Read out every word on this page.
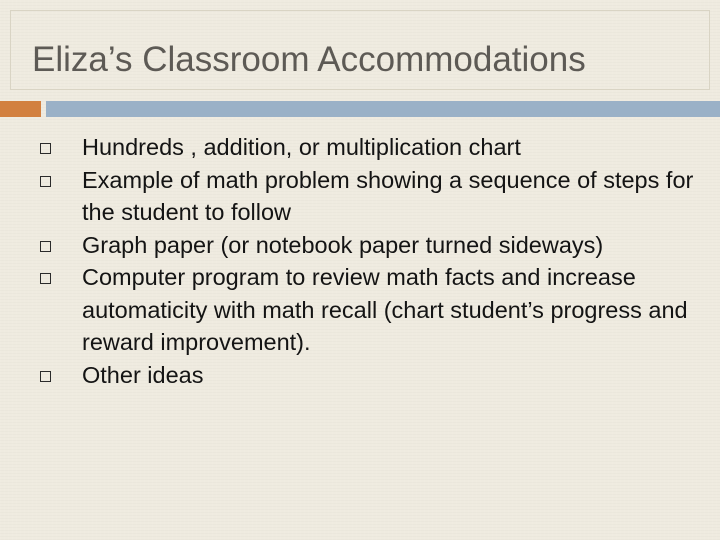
Eliza’s Classroom Accommodations
Hundreds , addition, or multiplication chart
Example of math problem showing a sequence of steps for the student to follow
Graph paper (or notebook paper turned sideways)
Computer program to review math facts and increase automaticity with math recall (chart student’s progress and reward improvement).
Other ideas
